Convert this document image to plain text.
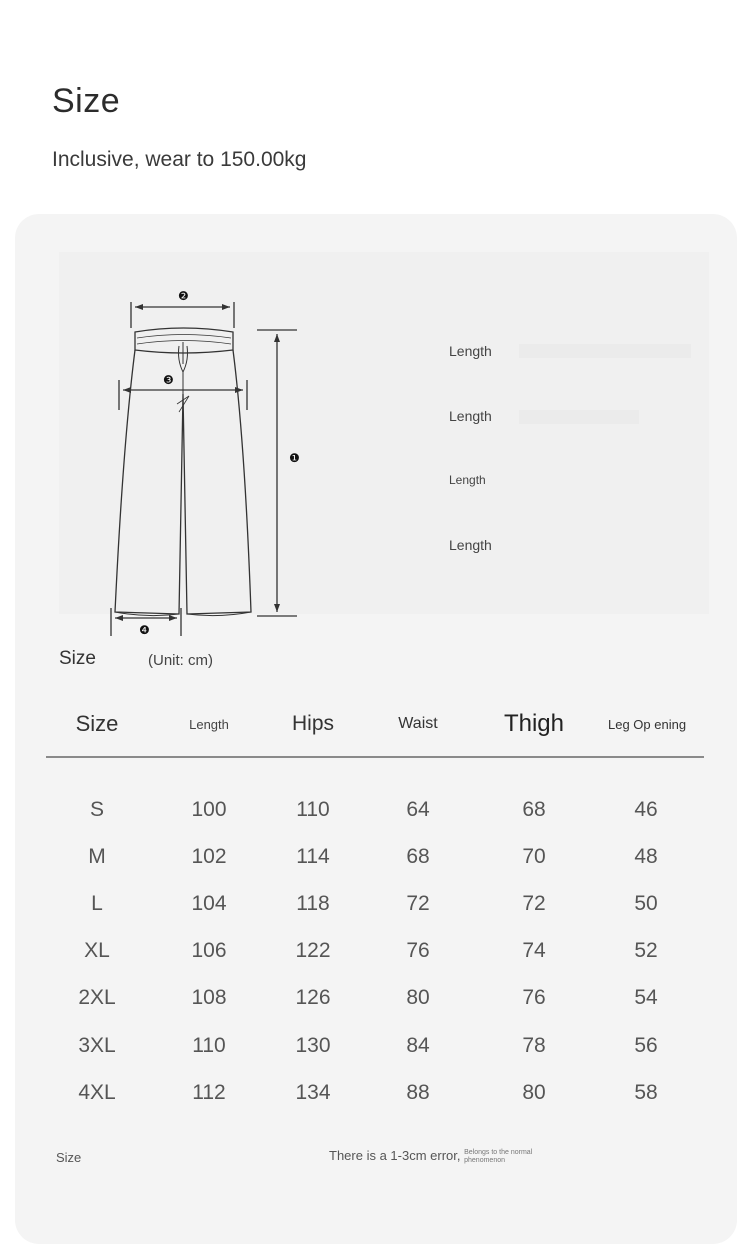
Size
Inclusive, wear to 150.00kg
❷
❸
❶
❹
Length
Length
Length
Length
Size	(Unit: cm)
Size	Length	Hips	Waist	Thigh	Leg Op ening

S	100	110	64	68	46
M	102	114	68	70	48
L	104	118	72	72	50
XL	106	122	76	74	52
2XL	108	126	80	76	54
3XL	110	130	84	78	56
4XL	112	134	88	80	58
Size	There is a 1-3cm error, Belongs to the normal phenomenon
